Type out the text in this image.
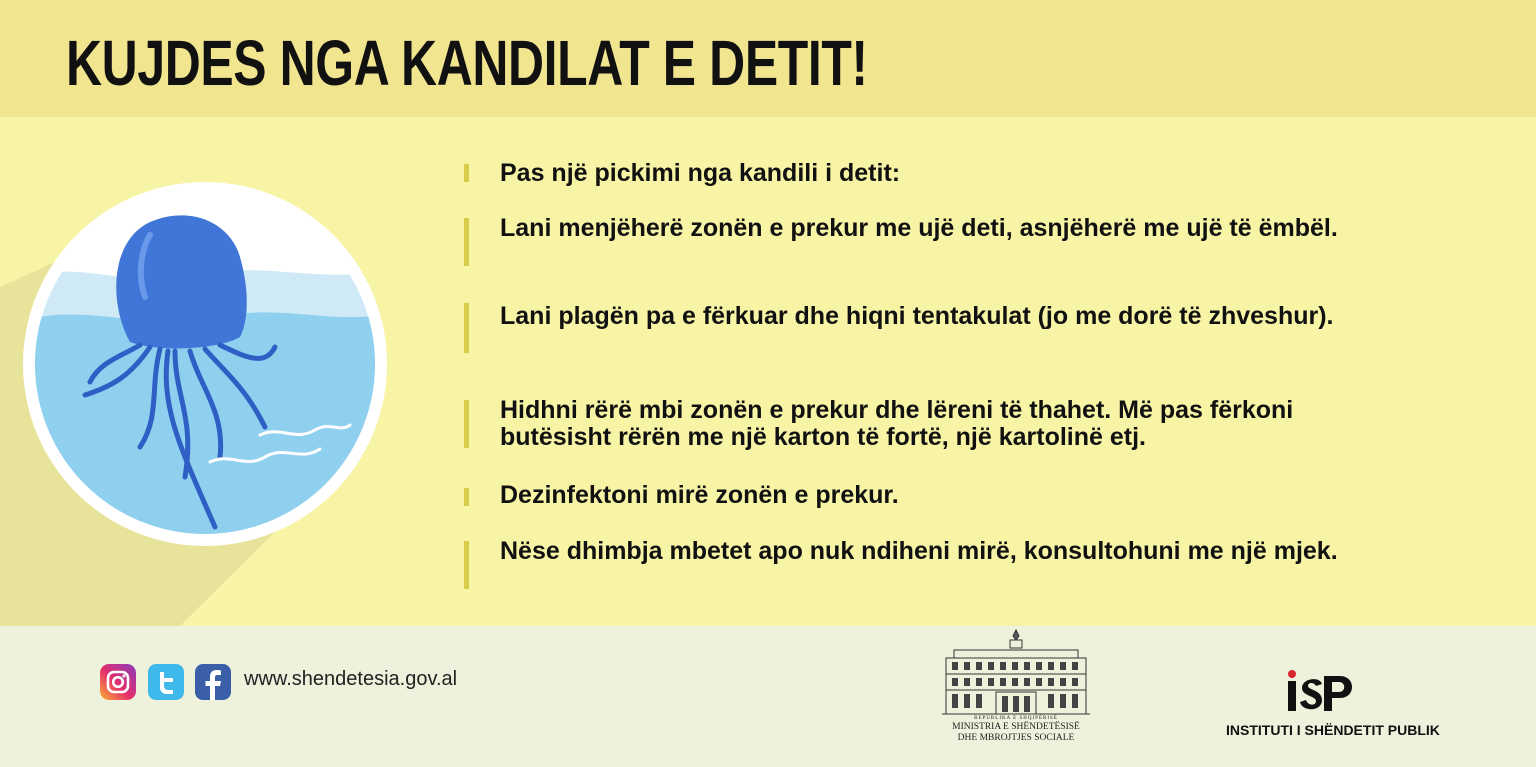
KUJDES NGA KANDILAT E DETIT!
Pas një pickimi nga kandili i detit:
Lani menjëherë zonën e prekur me ujë deti, asnjëherë me ujë të ëmbël.
Lani plagën pa e fërkuar dhe hiqni tentakulat (jo me dorë të zhveshur).
Hidhni rërë mbi zonën e prekur dhe lëreni të thahet. Më pas fërkoni butësisht rërën me një karton të fortë, një kartolinë etj.
Dezinfektoni mirë zonën e prekur.
Nëse dhimbja mbetet apo nuk ndiheni mirë, konsultohuni me një mjek.
www.shendetesia.gov.al
REPUBLIKA E SHQIPËRISË
MINISTRIA E SHËNDETËSISË
DHE MBROJTJES SOCIALE	INSTITUTI I SHËNDETIT PUBLIK
